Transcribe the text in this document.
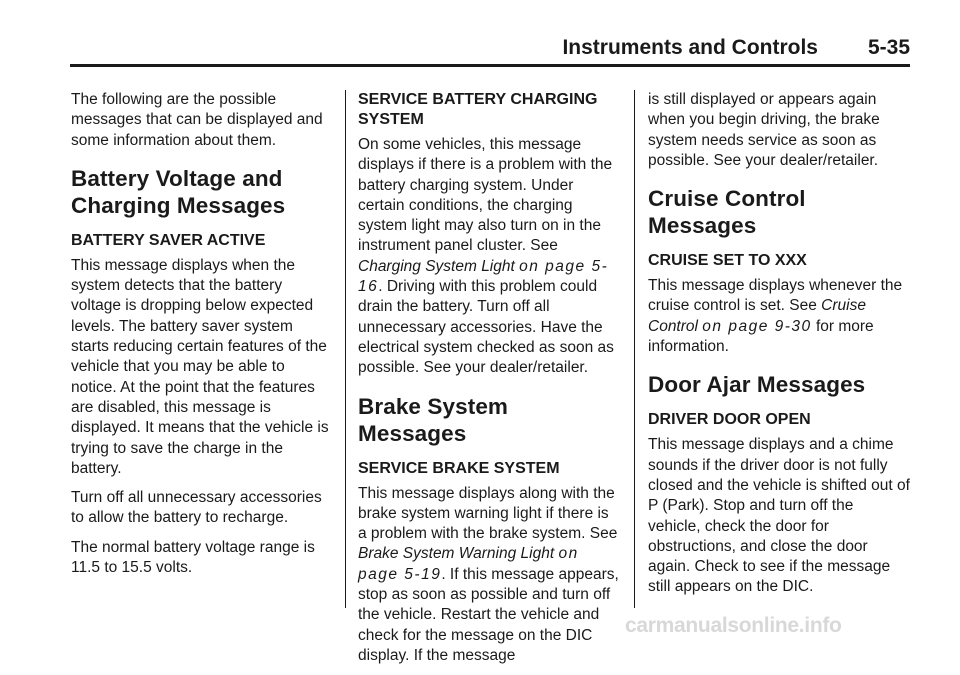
Instruments and Controls 5-35

The following are the possible messages that can be displayed and some information about them.

Battery Voltage and Charging Messages
BATTERY SAVER ACTIVE

This message displays when the system detects that the battery voltage is dropping below expected levels. The battery saver system starts reducing certain features of the vehicle that you may be able to notice. At the point that the features are disabled, this message is displayed. It means that the vehicle is trying to save the charge in the battery.

Turn off all unnecessary accessories to allow the battery to recharge.

The normal battery voltage range is 11.5 to 15.5 volts.

SERVICE BATTERY CHARGING SYSTEM

On some vehicles, this message displays if there is a problem with the battery charging system. Under certain conditions, the charging system light may also turn on in the instrument panel cluster. See Charging System Light on page 5-16. Driving with this problem could drain the battery. Turn off all unnecessary accessories. Have the electrical system checked as soon as possible. See your dealer/retailer.

Brake System Messages
SERVICE BRAKE SYSTEM

This message displays along with the brake system warning light if there is a problem with the brake system. See Brake System Warning Light on page 5-19. If this message appears, stop as soon as possible and turn off the vehicle. Restart the vehicle and check for the message on the DIC display. If the message

is still displayed or appears again when you begin driving, the brake system needs service as soon as possible. See your dealer/retailer.

Cruise Control Messages
CRUISE SET TO XXX

This message displays whenever the cruise control is set. See Cruise Control on page 9-30 for more information.

Door Ajar Messages
DRIVER DOOR OPEN

This message displays and a chime sounds if the driver door is not fully closed and the vehicle is shifted out of P (Park). Stop and turn off the vehicle, check the door for obstructions, and close the door again. Check to see if the message still appears on the DIC.

carmanualsonline.info
